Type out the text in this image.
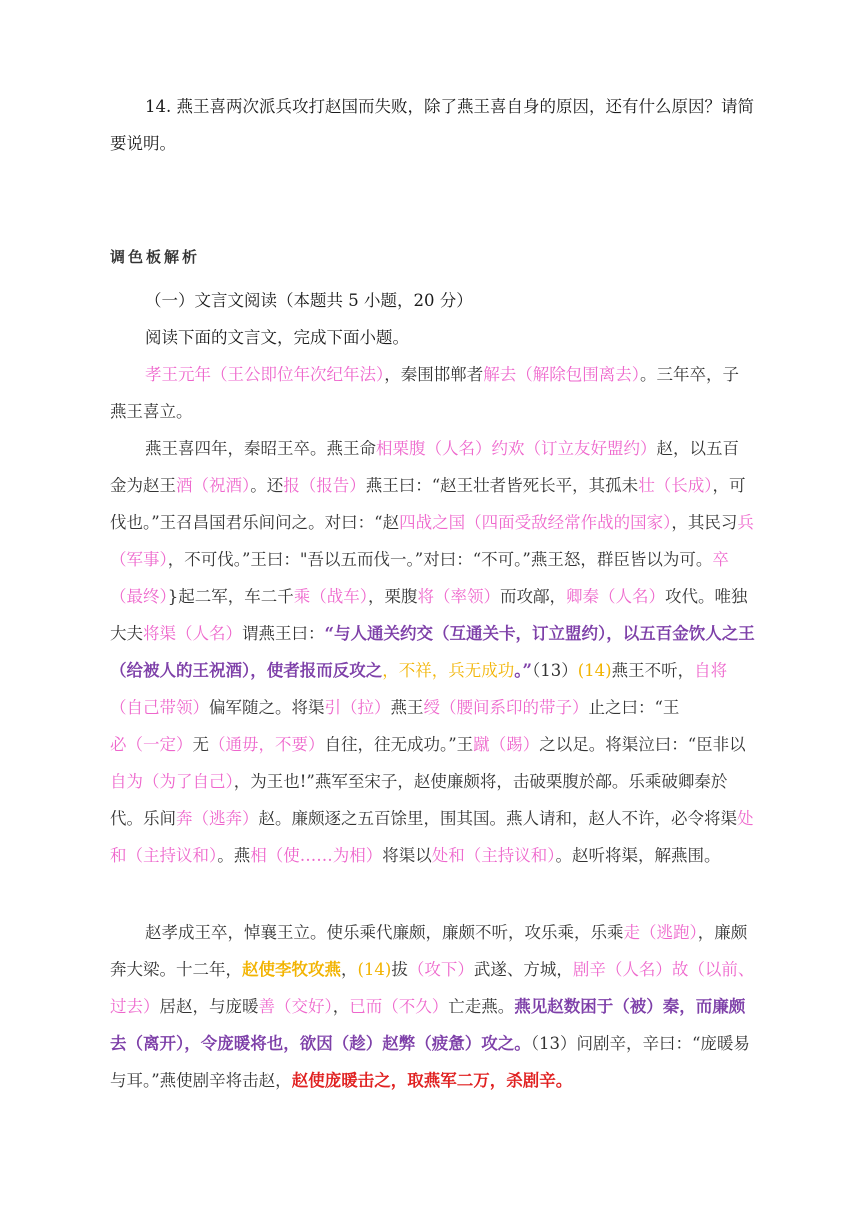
14. 燕王喜两次派兵攻打赵国而失败，除了燕王喜自身的原因，还有什么原因？请简要说明。
调色板解析
（一）文言文阅读（本题共 5 小题，20 分）
阅读下面的文言文，完成下面小题。
孝王元年（王公即位年次纪年法），秦围邯郸者解去（解除包围离去）。三年卒，子燕王喜立。
燕王喜四年，秦昭王卒。燕王命相栗腹（人名）约欢（订立友好盟约）赵，以五百金为赵王酒（祝酒）。还报（报告）燕王曰：“赵王壮者皆死长平，其孤未壮（长成），可伐也。”王召昌国君乐间问之。对曰：“赵四战之国（四面受敌经常作战的国家），其民习兵（军事），不可伐。”王曰："吾以五而伐一。”对曰：“不可。”燕王怒，群臣皆以为可。卒（最终）}起二军，车二千乘（战车），栗腹将（率领）而攻鄗，卿秦（人名）攻代。唯独大夫将渠（人名）谓燕王曰：“与人通关约交（互通关卡，订立盟约），以五百金饮人之王（给被人的王祝酒），使者报而反攻之，不祥，兵无成功。”（13）(14)燕王不听，自将（自己带领）偏军随之。将渠引（拉）燕王绶（腰间系印的带子）止之曰：“王必（一定）无（通毋，不要）自往，往无成功。”王蹴（踢）之以足。将渠泣曰：“臣非以自为（为了自己），为王也!”燕军至宋子，赵使廉颇将，击破栗腹於鄗。乐乘破卿秦於代。乐间奔（逃奔）赵。廉颇逐之五百馀里，围其国。燕人请和，赵人不许，必令将渠处和（主持议和）。燕相（使……为相）将渠以处和（主持议和）。赵听将渠，解燕围。
赵孝成王卒，悼襄王立。使乐乘代廉颇，廉颇不听，攻乐乘，乐乘走（逃跑），廉颇奔大梁。十二年，赵使李牧攻燕，(14)拔（攻下）武遂、方城，剧辛（人名）故（以前、过去）居赵，与庞暖善（交好），已而（不久）亡走燕。燕见赵数困于（被）秦，而廉颇去（离开），令庞暖将也，欲因（趁）赵弊（疲惫）攻之。（13）问剧辛，辛曰：“庞暖易与耳。”燕使剧辛将击赵，赵使庞暖击之，取燕军二万，杀剧辛。
